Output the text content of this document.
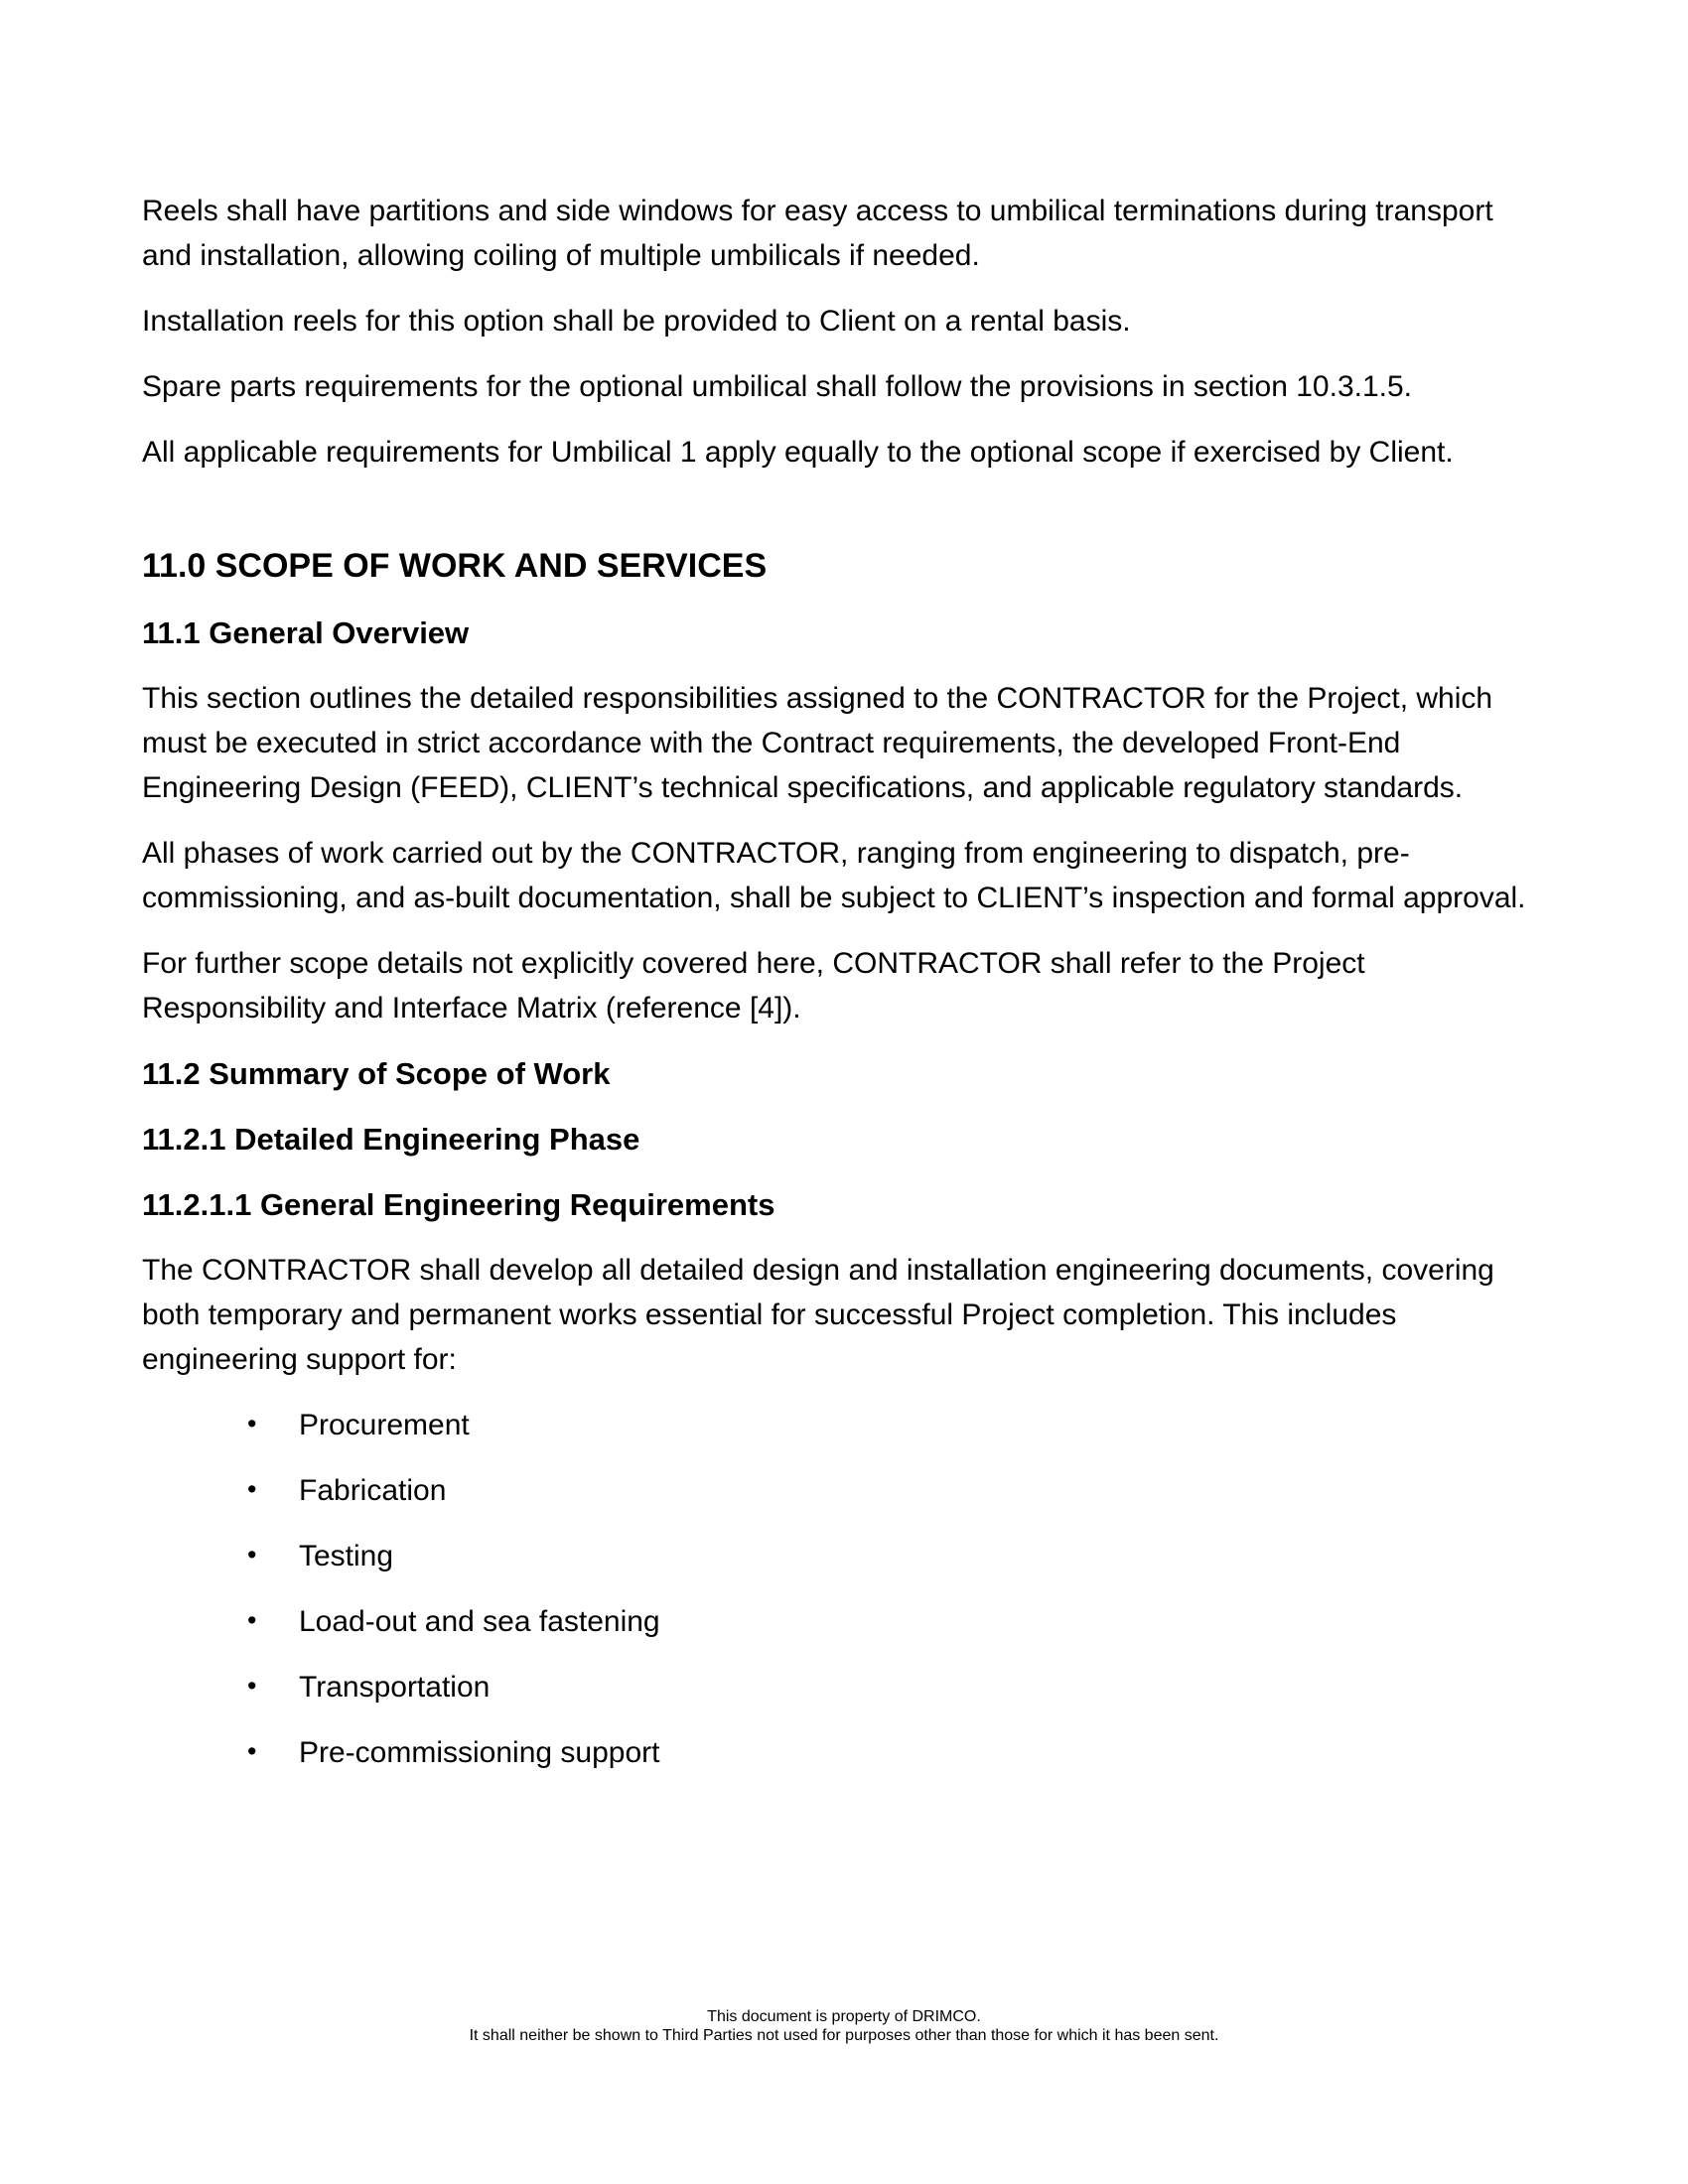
Reels shall have partitions and side windows for easy access to umbilical terminations during transport and installation, allowing coiling of multiple umbilicals if needed.

Installation reels for this option shall be provided to Client on a rental basis.

Spare parts requirements for the optional umbilical shall follow the provisions in section 10.3.1.5.

All applicable requirements for Umbilical 1 apply equally to the optional scope if exercised by Client.

11.0 SCOPE OF WORK AND SERVICES
11.1 General Overview

This section outlines the detailed responsibilities assigned to the CONTRACTOR for the Project, which must be executed in strict accordance with the Contract requirements, the developed Front-End Engineering Design (FEED), CLIENT’s technical specifications, and applicable regulatory standards.

All phases of work carried out by the CONTRACTOR, ranging from engineering to dispatch, pre-commissioning, and as-built documentation, shall be subject to CLIENT’s inspection and formal approval.

For further scope details not explicitly covered here, CONTRACTOR shall refer to the Project Responsibility and Interface Matrix (reference [4]).

11.2 Summary of Scope of Work
11.2.1 Detailed Engineering Phase
11.2.1.1 General Engineering Requirements

The CONTRACTOR shall develop all detailed design and installation engineering documents, covering both temporary and permanent works essential for successful Project completion. This includes engineering support for:

• Procurement
• Fabrication
• Testing
• Load-out and sea fastening
• Transportation
• Pre-commissioning support
This document is property of DRIMCO.
It shall neither be shown to Third Parties not used for purposes other than those for which it has been sent.
